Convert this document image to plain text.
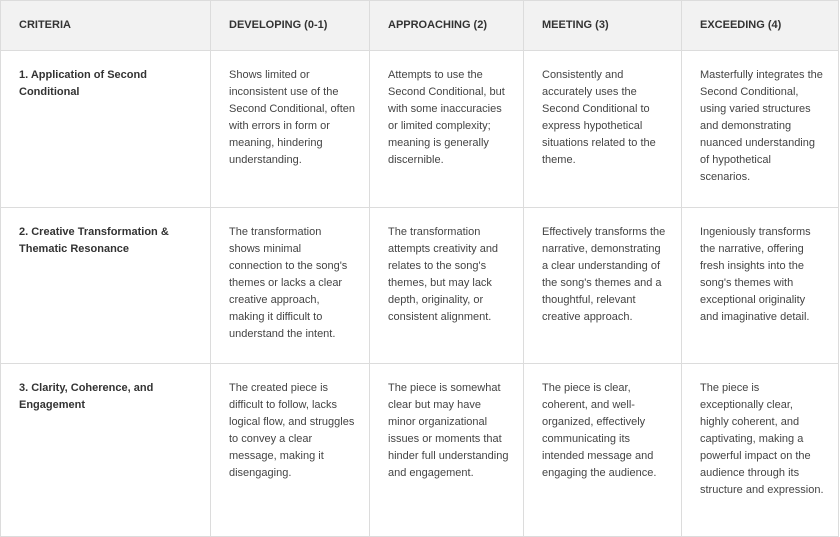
CRITERIA	DEVELOPING (0-1)	APPROACHING (2)	MEETING (3)	EXCEEDING (4)
1. Application of Second Conditional	Shows limited or inconsistent use of the Second Conditional, often with errors in form or meaning, hindering understanding.	Attempts to use the Second Conditional, but with some inaccuracies or limited complexity; meaning is generally discernible.	Consistently and accurately uses the Second Conditional to express hypothetical situations related to the theme.	Masterfully integrates the Second Conditional, using varied structures and demonstrating nuanced understanding of hypothetical scenarios.
2. Creative Transformation & Thematic Resonance	The transformation shows minimal connection to the song's themes or lacks a clear creative approach, making it difficult to understand the intent.	The transformation attempts creativity and relates to the song's themes, but may lack depth, originality, or consistent alignment.	Effectively transforms the narrative, demonstrating a clear understanding of the song's themes and a thoughtful, relevant creative approach.	Ingeniously transforms the narrative, offering fresh insights into the song's themes with exceptional originality and imaginative detail.
3. Clarity, Coherence, and Engagement	The created piece is difficult to follow, lacks logical flow, and struggles to convey a clear message, making it disengaging.	The piece is somewhat clear but may have minor organizational issues or moments that hinder full understanding and engagement.	The piece is clear, coherent, and well-organized, effectively communicating its intended message and engaging the audience.	The piece is exceptionally clear, highly coherent, and captivating, making a powerful impact on the audience through its structure and expression.
